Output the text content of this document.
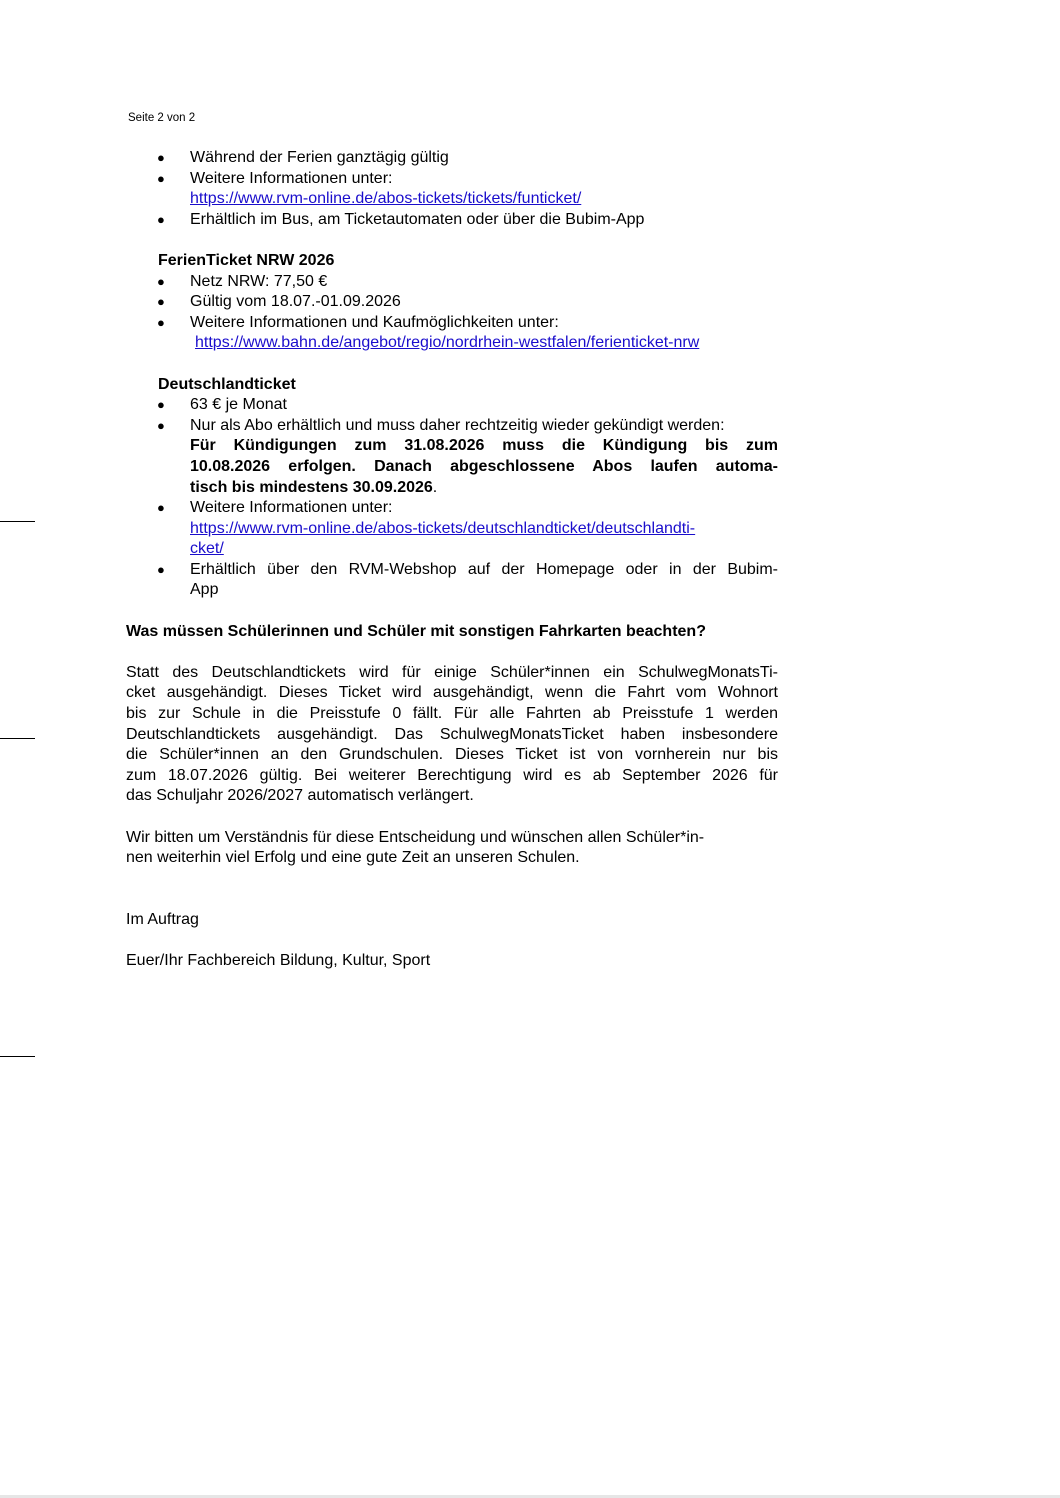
Seite 2 von 2
● Während der Ferien ganztägig gültig
● Weitere Informationen unter:
https://www.rvm-online.de/abos-tickets/tickets/funticket/
● Erhältlich im Bus, am Ticketautomaten oder über die Bubim-App

FerienTicket NRW 2026

● Netz NRW: 77,50 €
● Gültig vom 18.07.-01.09.2026
● Weitere Informationen und Kaufmöglichkeiten unter:
https://www.bahn.de/angebot/regio/nordrhein-westfalen/ferienticket-nrw

Deutschlandticket

● 63 € je Monat
● Nur als Abo erhältlich und muss daher rechtzeitig wieder gekündigt werden:

Für Kündigungen zum 31.08.2026 muss die Kündigung bis zum
10.08.2026 erfolgen. Danach abgeschlossene Abos laufen automa-
tisch bis mindestens 30.09.2026.
● Weitere Informationen unter:
https://www.rvm-online.de/abos-tickets/deutschlandticket/deutschlandti-
cket/
● Erhältlich über den RVM-Webshop auf der Homepage oder in der Bubim-
App

Was müssen Schülerinnen und Schüler mit sonstigen Fahrkarten beachten?

Statt des Deutschlandtickets wird für einige Schüler*innen ein SchulwegMonatsTi-
cket ausgehändigt. Dieses Ticket wird ausgehändigt, wenn die Fahrt vom Wohnort
bis zur Schule in die Preisstufe 0 fällt. Für alle Fahrten ab Preisstufe 1 werden
Deutschlandtickets ausgehändigt. Das SchulwegMonatsTicket haben insbesondere
die Schüler*innen an den Grundschulen. Dieses Ticket ist von vornherein nur bis
zum 18.07.2026 gültig. Bei weiterer Berechtigung wird es ab September 2026 für
das Schuljahr 2026/2027 automatisch verlängert.
Wir bitten um Verständnis für diese Entscheidung und wünschen allen Schüler*in-
nen weiterhin viel Erfolg und eine gute Zeit an unseren Schulen.

Im Auftrag

Euer/Ihr Fachbereich Bildung, Kultur, Sport
